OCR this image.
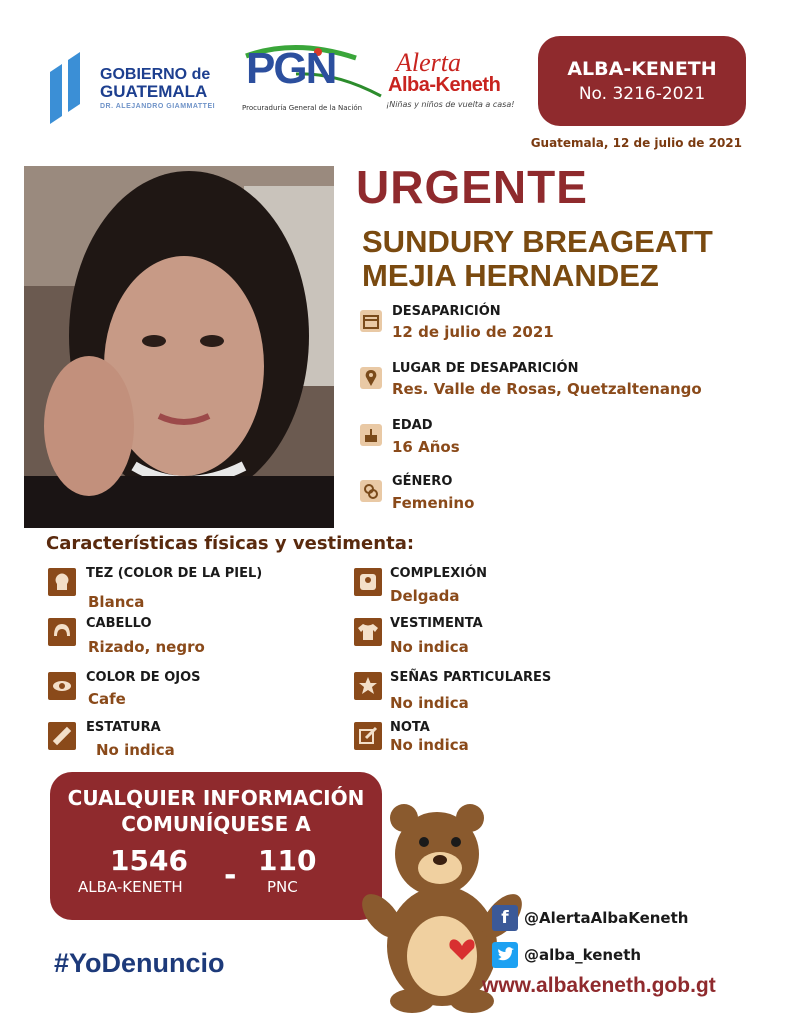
GOBIERNO de
GUATEMALA
DR. ALEJANDRO GIAMMATTEI
PGN
Procuraduría General de la Nación
Alerta
Alba-Keneth
¡Niñas y niños de vuelta a casa!
ALBA-KENETH
No. 3216-2021
Guatemala, 12 de julio de 2021
URGENTE
SUNDURY BREAGEATT
MEJIA HERNANDEZ
DESAPARICIÓN
12 de julio de 2021
LUGAR DE DESAPARICIÓN
Res. Valle de Rosas, Quetzaltenango
EDAD
16 Años
GÉNERO
Femenino
Características físicas y vestimenta:
TEZ (COLOR DE LA PIEL)
Blanca
CABELLO
Rizado, negro
COLOR DE OJOS
Cafe
ESTATURA
No indica
COMPLEXIÓN
Delgada
VESTIMENTA
No indica
SEÑAS PARTICULARES
No indica
NOTA
No indica
CUALQUIER INFORMACIÓN
COMUNÍQUESE A
1546
ALBA-KENETH - 110
PNC
f	@AlertaAlbaKeneth
@alba_keneth
www.albakeneth.gob.gt
#YoDenuncio
